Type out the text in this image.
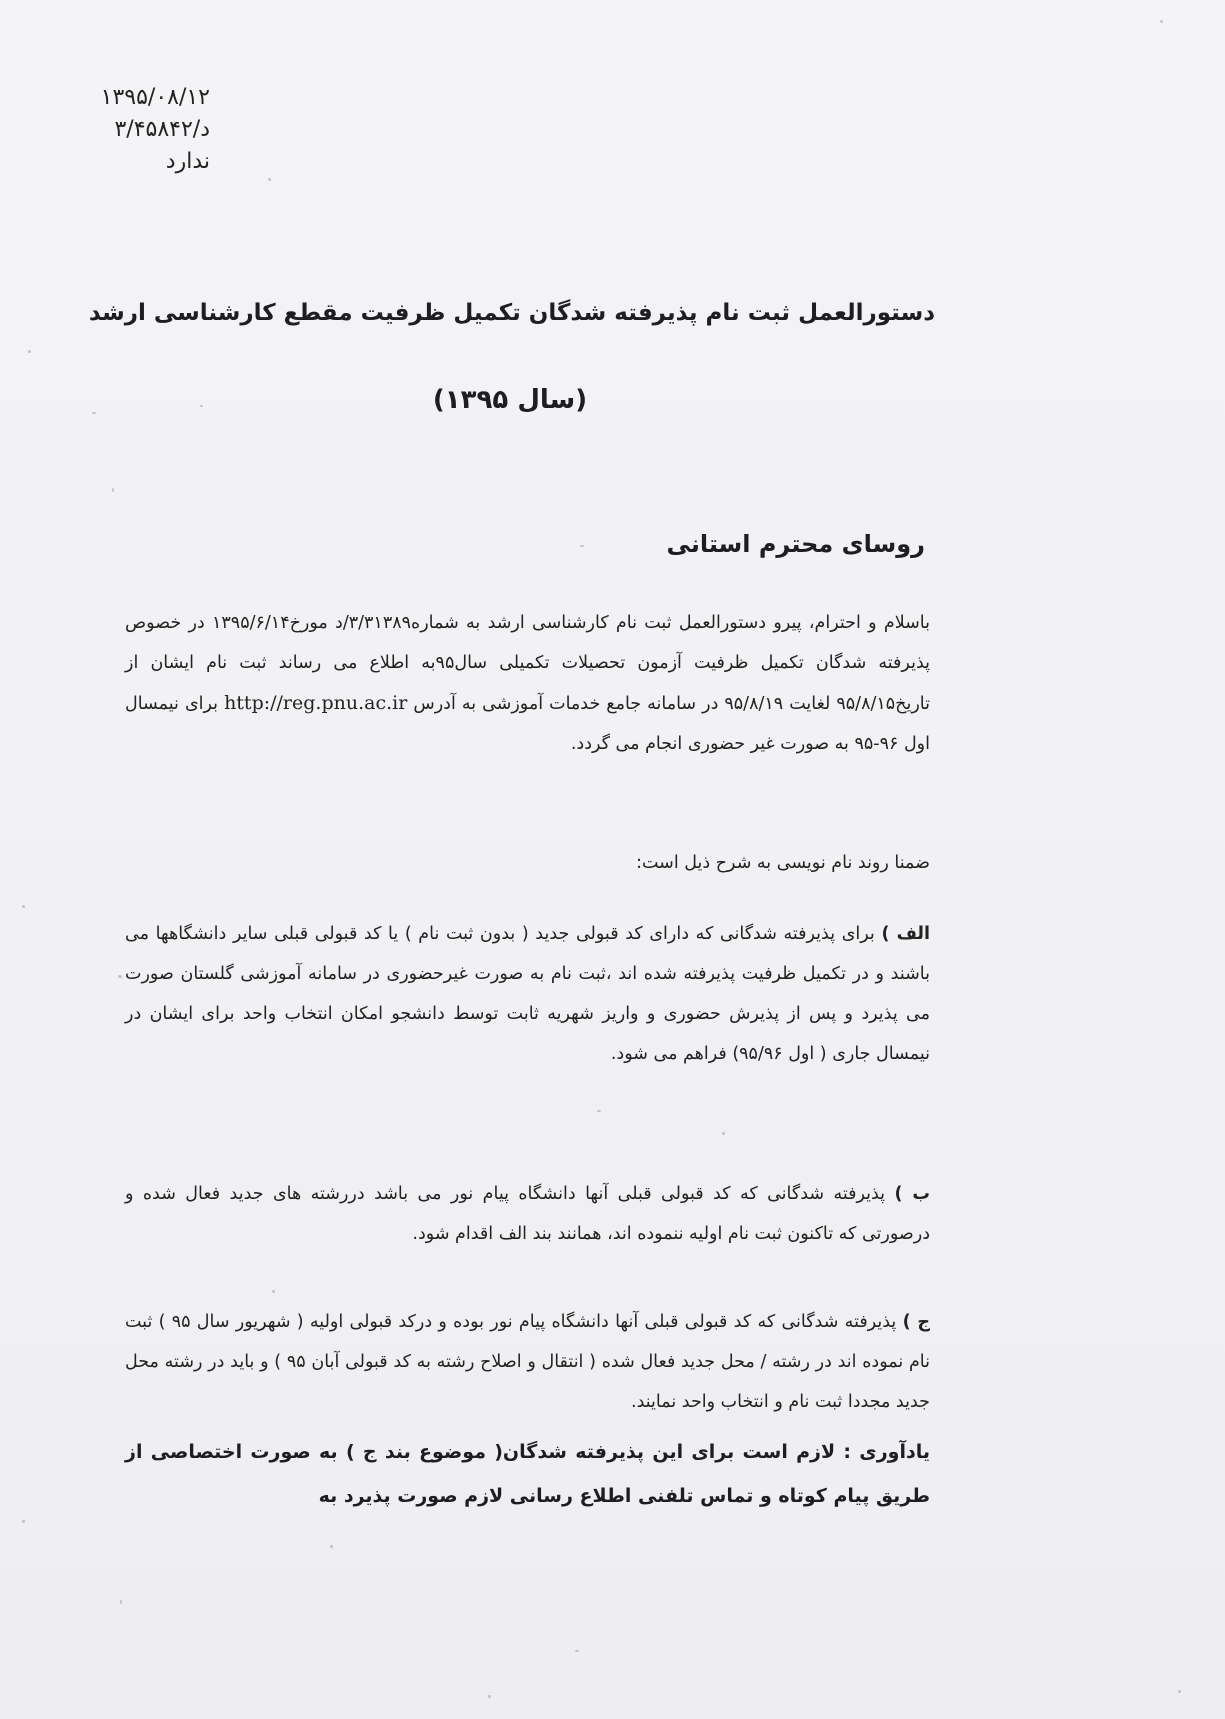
۱۳۹۵/۰۸/۱۲
د/۳/۴۵۸۴۲
ندارد
دستورالعمل ثبت نام پذیرفته شدگان تکمیل ظرفیت مقطع کارشناسی ارشد
(سال ۱۳۹۵)
روسای محترم استانی

باسلام و احترام، پیرو دستورالعمل ثبت نام کارشناسی ارشد به شماره۳/۳۱۳۸۹/د مورخ۱۳۹۵/۶/۱۴ در خصوص پذیرفته شدگان تکمیل ظرفیت آزمون تحصیلات تکمیلی سال۹۵به اطلاع می رساند ثبت نام ایشان از تاریخ۹۵/۸/۱۵ لغایت ۹۵/۸/۱۹ در سامانه جامع خدمات آموزشی به آدرس http://reg.pnu.ac.ir برای نیمسال اول ۹۶-۹۵ به صورت غیر حضوری انجام می گردد.

ضمنا روند نام نویسی به شرح ذیل است:

الف ) برای پذیرفته شدگانی که دارای کد قبولی جدید ( بدون ثبت نام ) یا کد قبولی قبلی سایر دانشگاهها می باشند و در تکمیل ظرفیت پذیرفته شده اند ،ثبت نام به صورت غیرحضوری در سامانه آموزشی گلستان صورت می پذیرد و پس از پذیرش حضوری و واریز شهریه ثابت توسط دانشجو امکان انتخاب واحد برای ایشان در نیمسال جاری ( اول ۹۵/۹۶) فراهم می شود.

ب ) پذیرفته شدگانی که کد قبولی قبلی آنها دانشگاه پیام نور می باشد دررشته های جدید فعال شده و درصورتی که تاکنون ثبت نام اولیه ننموده اند، همانند بند الف اقدام شود.

ج ) پذیرفته شدگانی که کد قبولی قبلی آنها دانشگاه پیام نور بوده و درکد قبولی اولیه ( شهریور سال ۹۵ ) ثبت نام نموده اند در رشته / محل جدید فعال شده ( انتقال و اصلاح رشته به کد قبولی آبان ۹۵ ) و باید در رشته محل جدید مجددا ثبت نام و انتخاب واحد نمایند.

یادآوری : لازم است برای این پذیرفته شدگان( موضوع بند ج ) به صورت اختصاصی از طریق پیام کوتاه و تماس تلفنی اطلاع رسانی لازم صورت پذیرد به
